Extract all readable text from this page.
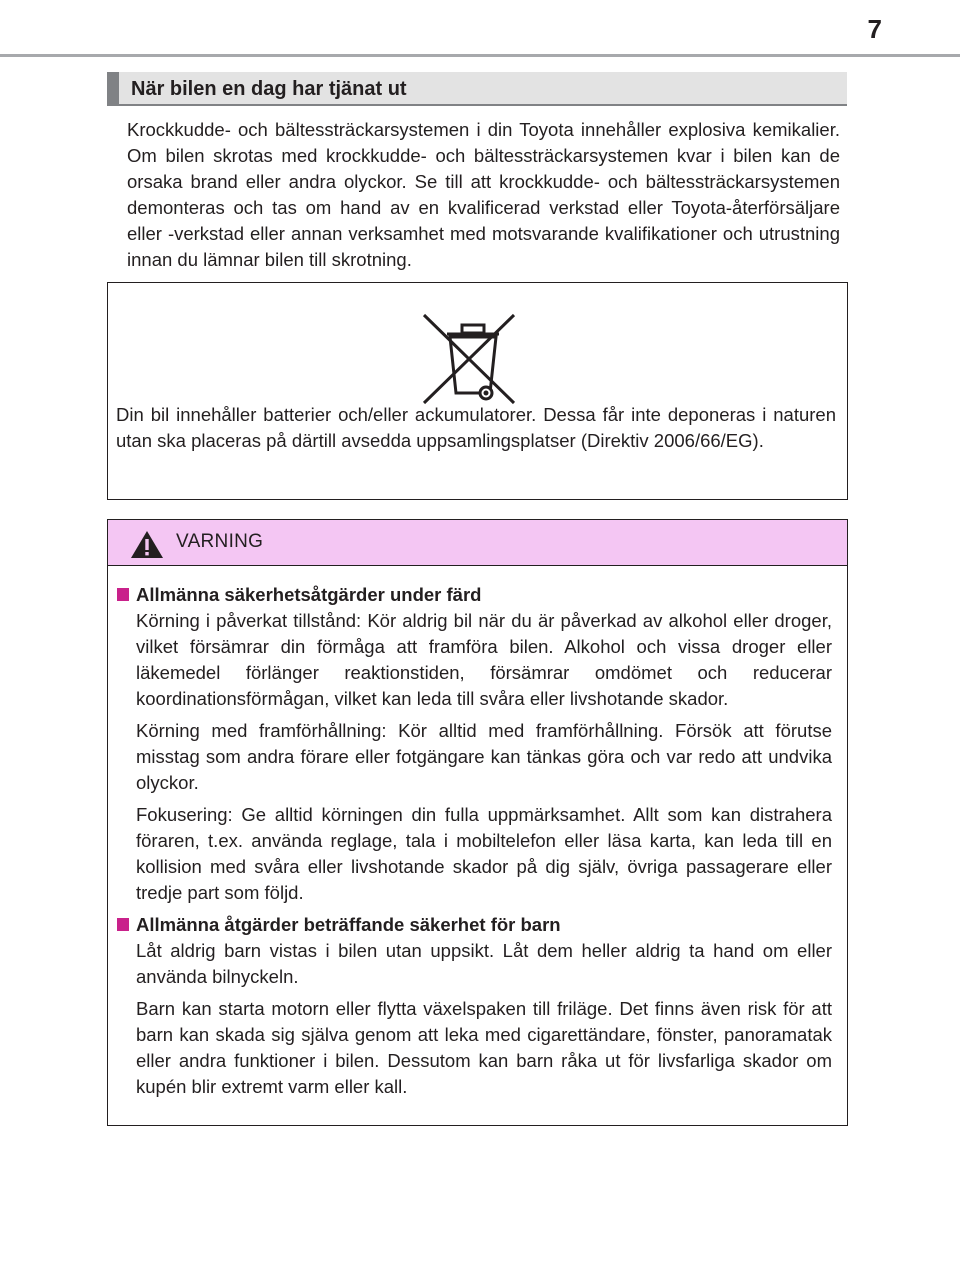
7
När bilen en dag har tjänat ut

Krockkudde- och bältessträckarsystemen i din Toyota innehåller explosiva kemikalier. Om bilen skrotas med krockkudde- och bältessträckarsystemen kvar i bilen kan de orsaka brand eller andra olyckor. Se till att krockkudde- och bältessträckarsystemen demonteras och tas om hand av en kvalificerad verkstad eller Toyota-återförsäljare eller -verkstad eller annan verksamhet med motsvarande kvalifikationer och utrustning innan du lämnar bilen till skrotning.

Din bil innehåller batterier och/eller ackumulatorer. Dessa får inte deponeras i naturen utan ska placeras på därtill avsedda uppsamlingsplatser (Direktiv 2006/66/EG).

VARNING
Allmänna säkerhetsåtgärder under färd

Körning i påverkat tillstånd: Kör aldrig bil när du är påverkad av alkohol eller droger, vilket försämrar din förmåga att framföra bilen. Alkohol och vissa droger eller läkemedel förlänger reaktionstiden, försämrar omdömet och reducerar koordinationsförmågan, vilket kan leda till svåra eller livshotande skador.

Körning med framförhållning: Kör alltid med framförhållning. Försök att förutse misstag som andra förare eller fotgängare kan tänkas göra och var redo att undvika olyckor.

Fokusering: Ge alltid körningen din fulla uppmärksamhet. Allt som kan distrahera föraren, t.ex. använda reglage, tala i mobiltelefon eller läsa karta, kan leda till en kollision med svåra eller livshotande skador på dig själv, övriga passagerare eller tredje part som följd.

Allmänna åtgärder beträffande säkerhet för barn

Låt aldrig barn vistas i bilen utan uppsikt. Låt dem heller aldrig ta hand om eller använda bilnyckeln.

Barn kan starta motorn eller flytta växelspaken till friläge. Det finns även risk för att barn kan skada sig själva genom att leka med cigarettändare, fönster, panoramatak eller andra funktioner i bilen. Dessutom kan barn råka ut för livsfarliga skador om kupén blir extremt varm eller kall.
